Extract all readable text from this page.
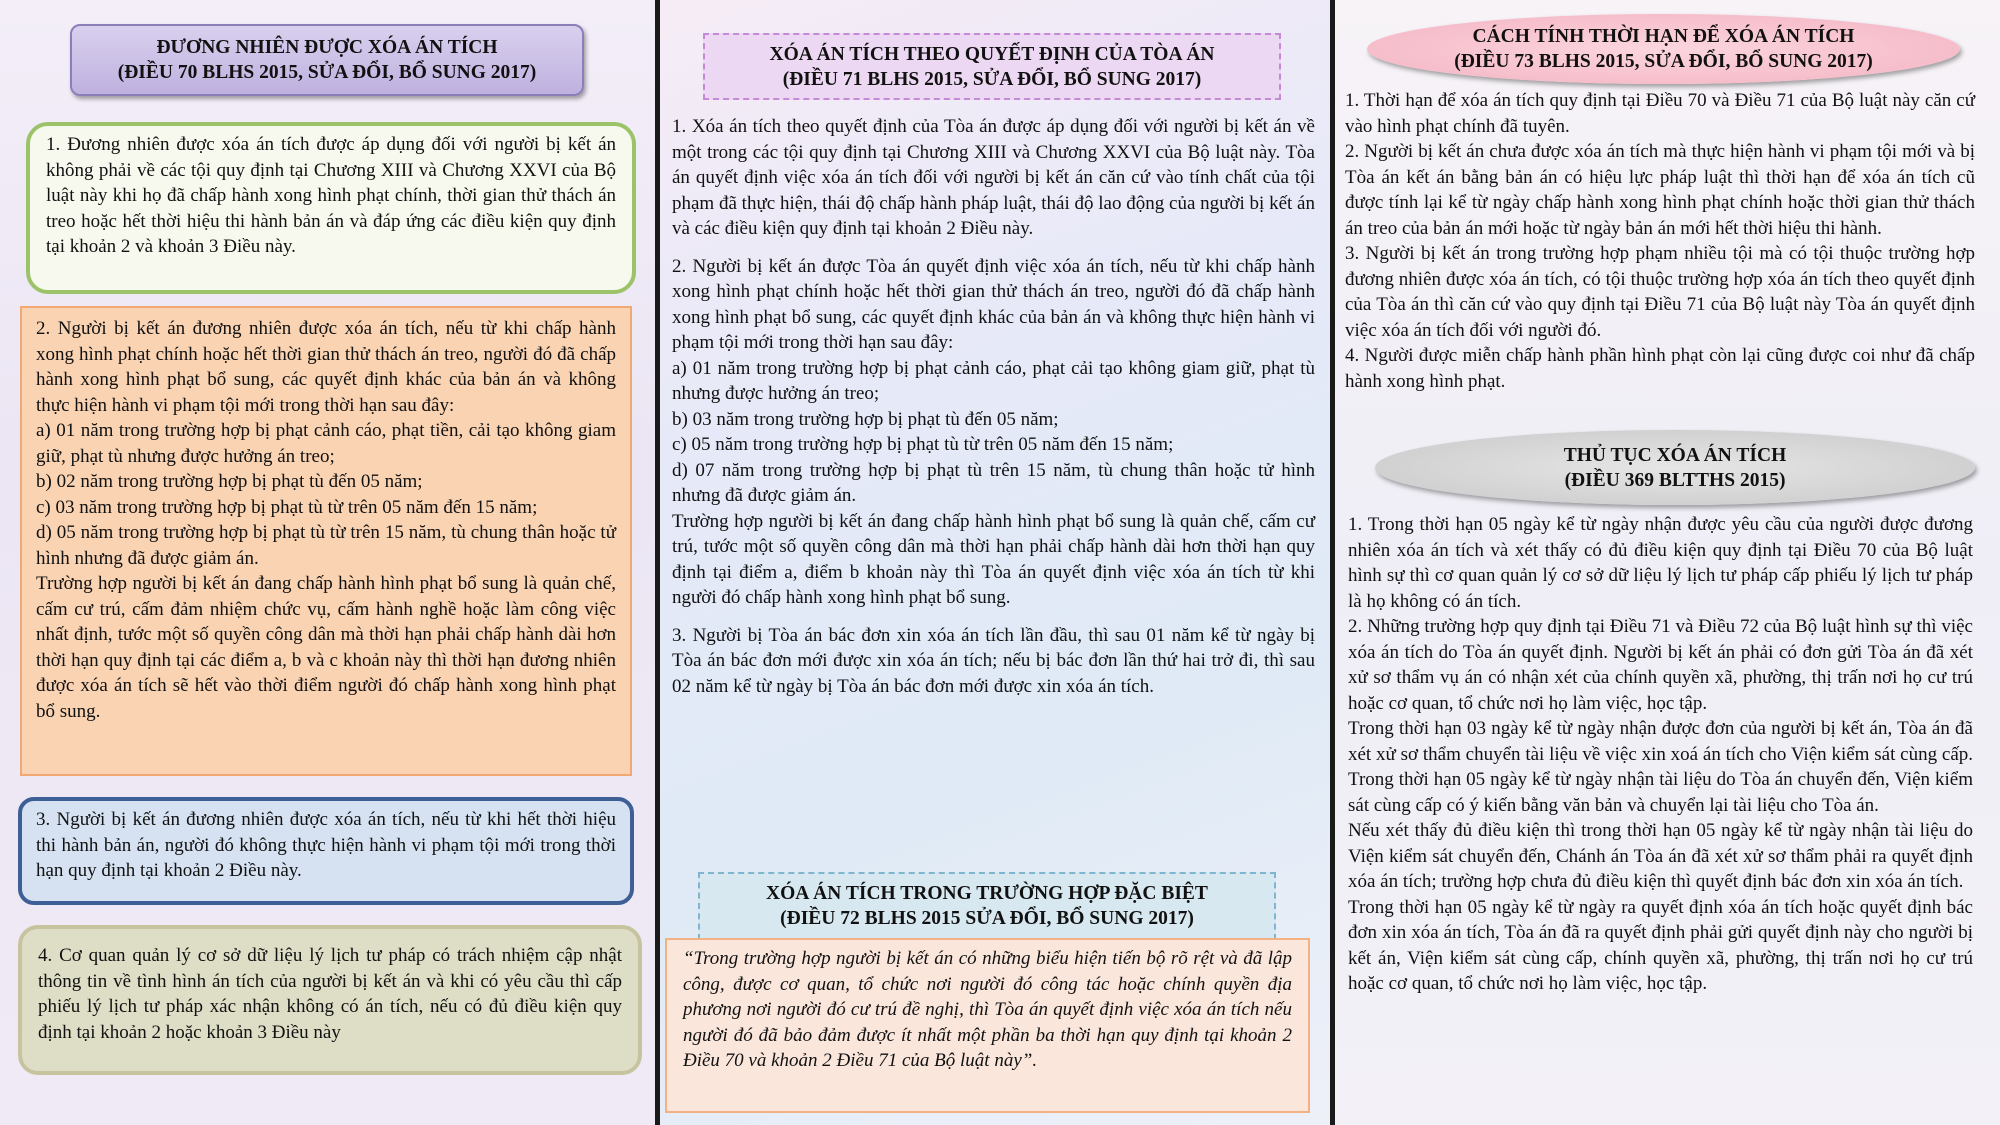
ĐƯƠNG NHIÊN ĐƯỢC XÓA ÁN TÍCH
(ĐIỀU 70 BLHS 2015, SỬA ĐỔI, BỔ SUNG 2017)

1. Đương nhiên được xóa án tích được áp dụng đối với người bị kết án không phải về các tội quy định tại Chương XIII và Chương XXVI của Bộ luật này khi họ đã chấp hành xong hình phạt chính, thời gian thử thách án treo hoặc hết thời hiệu thi hành bản án và đáp ứng các điều kiện quy định tại khoản 2 và khoản 3 Điều này.

2. Người bị kết án đương nhiên được xóa án tích, nếu từ khi chấp hành xong hình phạt chính hoặc hết thời gian thử thách án treo, người đó đã chấp hành xong hình phạt bổ sung, các quyết định khác của bản án và không thực hiện hành vi phạm tội mới trong thời hạn sau đây:

a) 01 năm trong trường hợp bị phạt cảnh cáo, phạt tiền, cải tạo không giam giữ, phạt tù nhưng được hưởng án treo;

b) 02 năm trong trường hợp bị phạt tù đến 05 năm;

c) 03 năm trong trường hợp bị phạt tù từ trên 05 năm đến 15 năm;

d) 05 năm trong trường hợp bị phạt tù từ trên 15 năm, tù chung thân hoặc tử hình nhưng đã được giảm án.

Trường hợp người bị kết án đang chấp hành hình phạt bổ sung là quản chế, cấm cư trú, cấm đảm nhiệm chức vụ, cấm hành nghề hoặc làm công việc nhất định, tước một số quyền công dân mà thời hạn phải chấp hành dài hơn thời hạn quy định tại các điểm a, b và c khoản này thì thời hạn đương nhiên được xóa án tích sẽ hết vào thời điểm người đó chấp hành xong hình phạt bổ sung.

3. Người bị kết án đương nhiên được xóa án tích, nếu từ khi hết thời hiệu thi hành bản án, người đó không thực hiện hành vi phạm tội mới trong thời hạn quy định tại khoản 2 Điều này.

4. Cơ quan quản lý cơ sở dữ liệu lý lịch tư pháp có trách nhiệm cập nhật thông tin về tình hình án tích của người bị kết án và khi có yêu cầu thì cấp phiếu lý lịch tư pháp xác nhận không có án tích, nếu có đủ điều kiện quy định tại khoản 2 hoặc khoản 3 Điều này

XÓA ÁN TÍCH THEO QUYẾT ĐỊNH CỦA TÒA ÁN
(ĐIỀU 71 BLHS 2015, SỬA ĐỔI, BỔ SUNG 2017)

1. Xóa án tích theo quyết định của Tòa án được áp dụng đối với người bị kết án về một trong các tội quy định tại Chương XIII và Chương XXVI của Bộ luật này. Tòa án quyết định việc xóa án tích đối với người bị kết án căn cứ vào tính chất của tội phạm đã thực hiện, thái độ chấp hành pháp luật, thái độ lao động của người bị kết án và các điều kiện quy định tại khoản 2 Điều này.

2. Người bị kết án được Tòa án quyết định việc xóa án tích, nếu từ khi chấp hành xong hình phạt chính hoặc hết thời gian thử thách án treo, người đó đã chấp hành xong hình phạt bổ sung, các quyết định khác của bản án và không thực hiện hành vi phạm tội mới trong thời hạn sau đây:

a) 01 năm trong trường hợp bị phạt cảnh cáo, phạt cải tạo không giam giữ, phạt tù nhưng được hưởng án treo;

b) 03 năm trong trường hợp bị phạt tù đến 05 năm;

c) 05 năm trong trường hợp bị phạt tù từ trên 05 năm đến 15 năm;

d) 07 năm trong trường hợp bị phạt tù trên 15 năm, tù chung thân hoặc tử hình nhưng đã được giảm án.

Trường hợp người bị kết án đang chấp hành hình phạt bổ sung là quản chế, cấm cư trú, tước một số quyền công dân mà thời hạn phải chấp hành dài hơn thời hạn quy định tại điểm a, điểm b khoản này thì Tòa án quyết định việc xóa án tích từ khi người đó chấp hành xong hình phạt bổ sung.

3. Người bị Tòa án bác đơn xin xóa án tích lần đầu, thì sau 01 năm kể từ ngày bị Tòa án bác đơn mới được xin xóa án tích; nếu bị bác đơn lần thứ hai trở đi, thì sau 02 năm kể từ ngày bị Tòa án bác đơn mới được xin xóa án tích.

XÓA ÁN TÍCH TRONG TRƯỜNG HỢP ĐẶC BIỆT
(ĐIỀU 72 BLHS 2015 SỬA ĐỔI, BỔ SUNG 2017)

“Trong trường hợp người bị kết án có những biểu hiện tiến bộ rõ rệt và đã lập công, được cơ quan, tổ chức nơi người đó công tác hoặc chính quyền địa phương nơi người đó cư trú đề nghị, thì Tòa án quyết định việc xóa án tích nếu người đó đã bảo đảm được ít nhất một phần ba thời hạn quy định tại khoản 2 Điều 70 và khoản 2 Điều 71 của Bộ luật này”.

CÁCH TÍNH THỜI HẠN ĐỂ XÓA ÁN TÍCH
(ĐIỀU 73 BLHS 2015, SỬA ĐỔI, BỔ SUNG 2017)

1. Thời hạn để xóa án tích quy định tại Điều 70 và Điều 71 của Bộ luật này căn cứ vào hình phạt chính đã tuyên.

2. Người bị kết án chưa được xóa án tích mà thực hiện hành vi phạm tội mới và bị Tòa án kết án bằng bản án có hiệu lực pháp luật thì thời hạn để xóa án tích cũ được tính lại kể từ ngày chấp hành xong hình phạt chính hoặc thời gian thử thách án treo của bản án mới hoặc từ ngày bản án mới hết thời hiệu thi hành.

3. Người bị kết án trong trường hợp phạm nhiều tội mà có tội thuộc trường hợp đương nhiên được xóa án tích, có tội thuộc trường hợp xóa án tích theo quyết định của Tòa án thì căn cứ vào quy định tại Điều 71 của Bộ luật này Tòa án quyết định việc xóa án tích đối với người đó.

4. Người được miễn chấp hành phần hình phạt còn lại cũng được coi như đã chấp hành xong hình phạt.

THỦ TỤC XÓA ÁN TÍCH
(ĐIỀU 369 BLTTHS 2015)

1. Trong thời hạn 05 ngày kể từ ngày nhận được yêu cầu của người được đương nhiên xóa án tích và xét thấy có đủ điều kiện quy định tại Điều 70 của Bộ luật hình sự thì cơ quan quản lý cơ sở dữ liệu lý lịch tư pháp cấp phiếu lý lịch tư pháp là họ không có án tích.

2. Những trường hợp quy định tại Điều 71 và Điều 72 của Bộ luật hình sự thì việc xóa án tích do Tòa án quyết định. Người bị kết án phải có đơn gửi Tòa án đã xét xử sơ thẩm vụ án có nhận xét của chính quyền xã, phường, thị trấn nơi họ cư trú hoặc cơ quan, tổ chức nơi họ làm việc, học tập.

Trong thời hạn 03 ngày kể từ ngày nhận được đơn của người bị kết án, Tòa án đã xét xử sơ thẩm chuyển tài liệu về việc xin xoá án tích cho Viện kiểm sát cùng cấp. Trong thời hạn 05 ngày kể từ ngày nhận tài liệu do Tòa án chuyển đến, Viện kiểm sát cùng cấp có ý kiến bằng văn bản và chuyển lại tài liệu cho Tòa án.

Nếu xét thấy đủ điều kiện thì trong thời hạn 05 ngày kể từ ngày nhận tài liệu do Viện kiểm sát chuyển đến, Chánh án Tòa án đã xét xử sơ thẩm phải ra quyết định xóa án tích; trường hợp chưa đủ điều kiện thì quyết định bác đơn xin xóa án tích.

Trong thời hạn 05 ngày kể từ ngày ra quyết định xóa án tích hoặc quyết định bác đơn xin xóa án tích, Tòa án đã ra quyết định phải gửi quyết định này cho người bị kết án, Viện kiểm sát cùng cấp, chính quyền xã, phường, thị trấn nơi họ cư trú hoặc cơ quan, tổ chức nơi họ làm việc, học tập.
